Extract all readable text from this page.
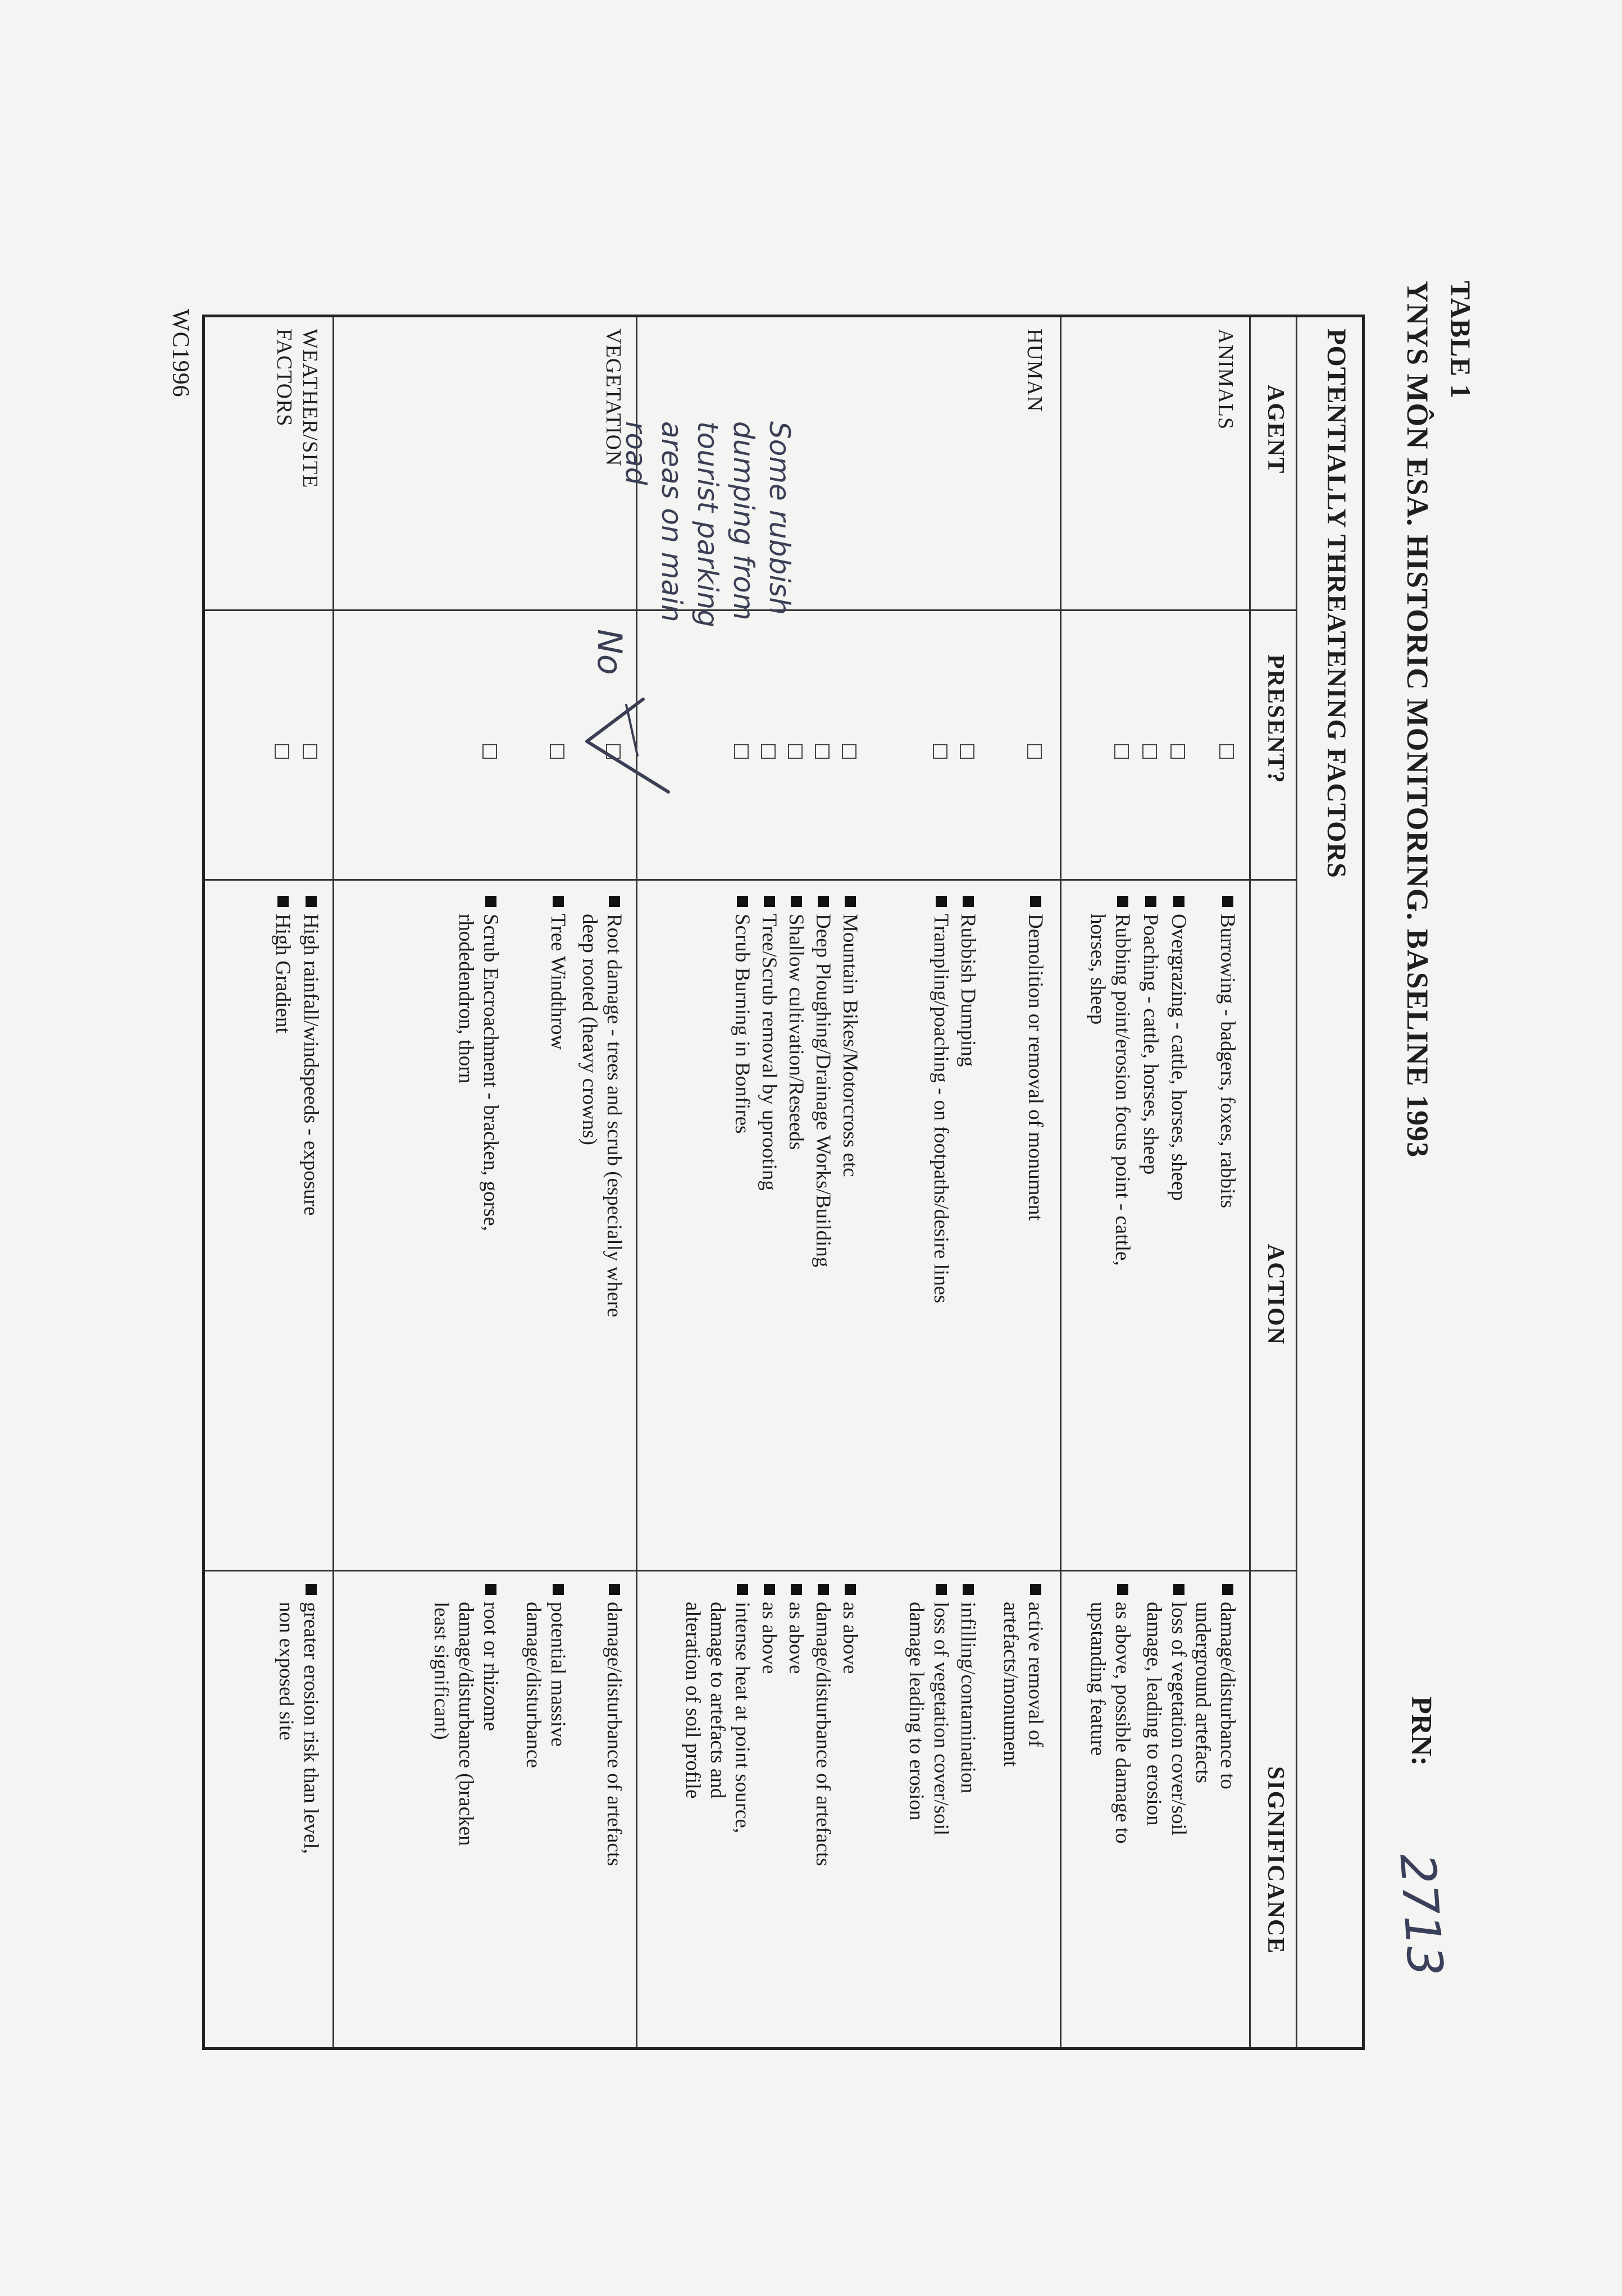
TABLE 1
YNYS MÔN ESA. HISTORIC MONITORING. BASELINE 1993
PRN:
2713
POTENTIALLY THREATENING FACTORS
AGENT
PRESENT?
ACTION
SIGNIFICANCE
ANIMALS
HUMAN
VEGETATION
WEATHER/SITE FACTORS
Burrowing - badgers, foxes, rabbits
Overgrazing - cattle, horses, sheep
Poaching - cattle, horses, sheep
Rubbing point/erosion focus point - cattle,
horses, sheep
damage/disturbance to
underground artefacts
loss of vegetation cover/soil
damage, leading to erosion
as above, possible damage to
upstanding feature
Demolition or removal of monument
Rubbish Dumping
Trampling/poaching - on footpaths/desire lines
Mountain Bikes/Motorcross etc
Deep Ploughing/Drainage Works/Building
Shallow cultivation/Reseeds
Tree/Scrub removal by uprooting
Scrub Burning in Bonfires
active removal of
artefacts/monument
infilling/contamination
loss of vegetation cover/soil
damage leading to erosion
as above
damage/disturbance of artefacts
as above
as above
intense heat at point source,
damage to artefacts and
alteration of soil profile
Root damage - trees and scrub (especially where
deep rooted (heavy crowns)
Tree Windthrow
Scrub Encroachment - bracken, gorse,
rhodedendron, thorn
damage/disturbance of artefacts
potential massive
damage/disturbance
root or rhizome
damage/disturbance (bracken
least significant)
High rainfall/windspeeds - exposure
High Gradient
greater erosion risk than level,
non exposed site
Some rubbish
dumping from
tourist parking
areas on main
road
No
WC1996
